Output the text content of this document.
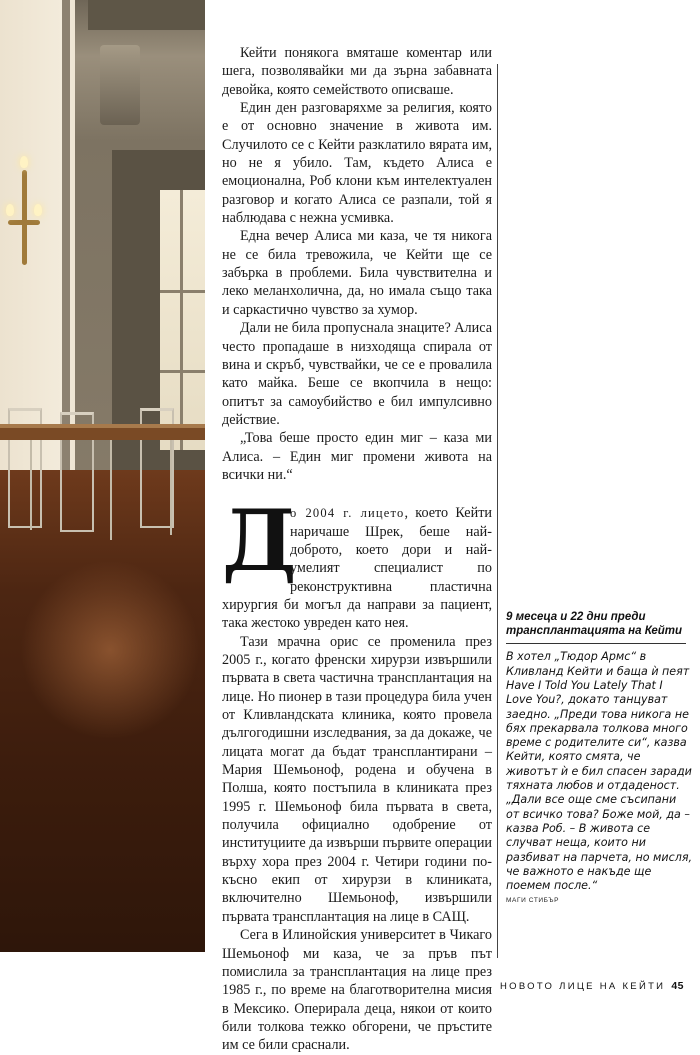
Кейти понякога вмяташе коментар или шега, позволявайки ми да зърна забавната девойка, която семейството описваше.

Един ден разговаряхме за религия, която е от основно значение в живота им. Случилото се с Кейти разклатило вярата им, но не я убило. Там, където Алиса е емоционална, Роб клони към интелектуален разговор и когато Алиса се разпали, той я наблюдава с нежна усмивка.

Една вечер Алиса ми каза, че тя никога не се била тревожила, че Кейти ще се забърка в проблеми. Била чувствителна и леко меланхолична, да, но имала също така и саркастично чувство за хумор.

Дали не била пропуснала знаците? Алиса често пропадаше в низходяща спирала от вина и скръб, чувствайки, че се е провалила като майка. Беше се вкопчила в нещо: опитът за самоубийство е бил импулсивно действие.

„Това беше просто един миг – каза ми Алиса. – Един миг промени живота на всички ни.“

Д
о 2004 г. лицето, което Кейти наричаше Шрек, беше най-доброто, което дори и най-умелият специалист по реконструктивна пластична хирургия би могъл да направи за пациент, така жестоко увреден като нея.

Тази мрачна орис се променила през 2005 г., когато френски хирурзи извършили първата в света частична трансплантация на лице. Но пионер в тази процедура била учен от Кливландската клиника, която провела дългогодишни изследвания, за да докаже, че лицата могат да бъдат трансплантирани – Мария Шемьонoф, родена и обучена в Полша, която постъпила в клиниката през 1995 г. Шемьонoф била първата в света, получила официално одобрение от институциите да извърши първите операции върху хора през 2004 г. Четири години по-късно екип от хирурзи в клиниката, включително Шемьонoф, извършили първата трансплантация на лице в САЩ.

Сега в Илинойския университет в Чикаго Шемьонoф ми каза, че за пръв път помислила за трансплантация на лице през 1985 г., по време на благотворителна мисия в Мексико. Оперирала деца, някои от които били толкова тежко обгорени, че пръстите им се били сраснали.

9 месеца и 22 дни преди трансплантацията на Кейти
В хотел „Тюдор Армс“ в Кливланд Кейти и баща ѝ пеят Have I Told You Lately That I Love You?, докато танцуват заедно. „Преди това никога не бях прекарвала толкова много време с родителите си“, казва Кейти, която смята, че животът ѝ е бил спасен заради тяхната любов и отдаденост. „Дали все още сме съсипани от всичко това? Боже мой, да – казва Роб. – В живота се случват неща, които ни разбиват на парчета, но мисля, че важното е накъде ще поемем после.“
МАГИ СТИБЪР
НОВОТО ЛИЦЕ НА КЕЙТИ 45
